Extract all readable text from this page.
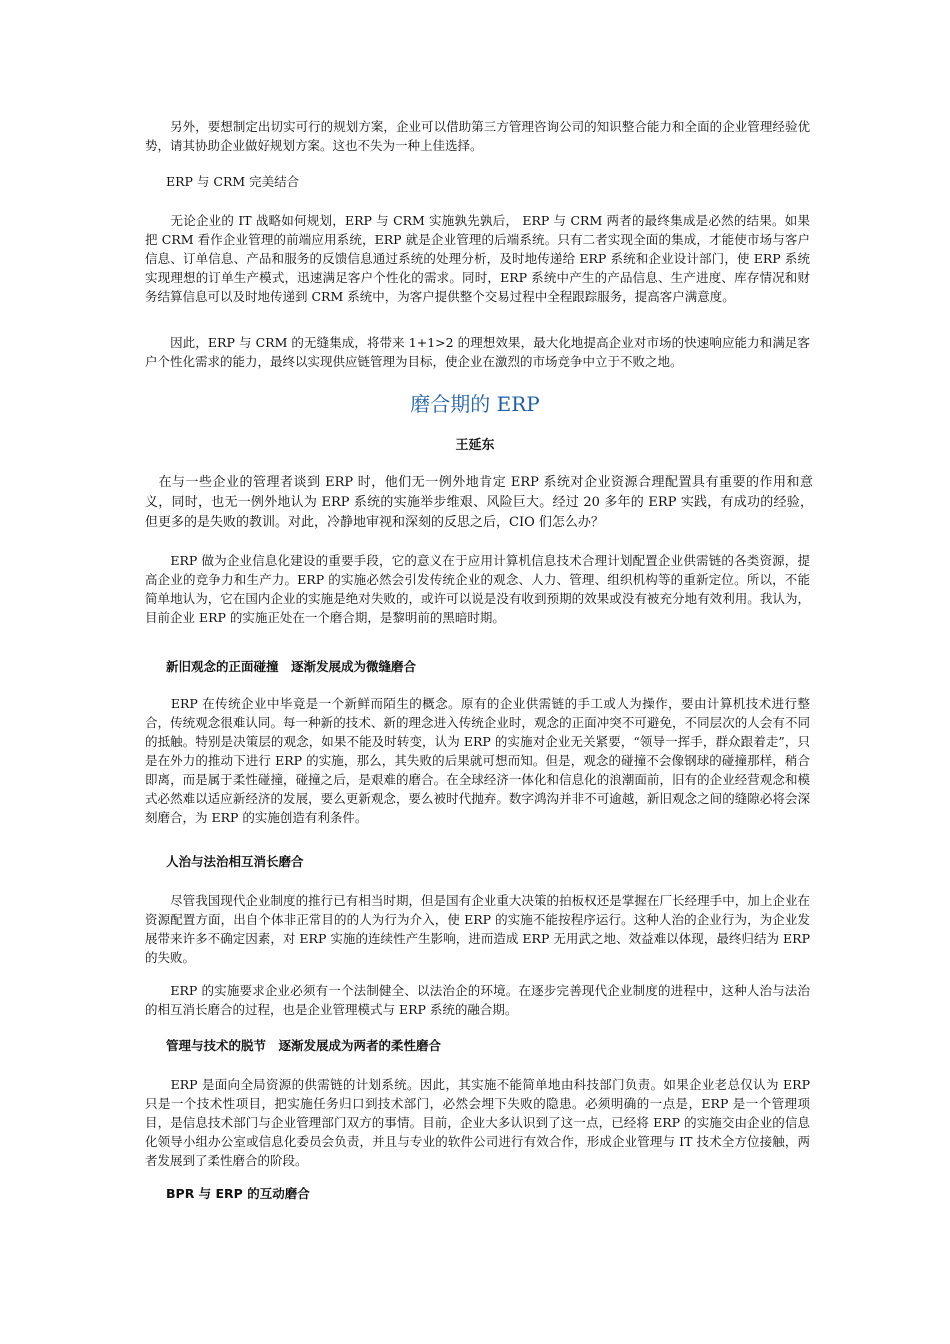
　　另外，要想制定出切实可行的规划方案，企业可以借助第三方管理咨询公司的知识整合能力和全面的企业管理经验优势，请其协助企业做好规划方案。这也不失为一种上佳选择。

ERP 与 CRM 完美结合

　　无论企业的 IT 战略如何规划，ERP 与 CRM 实施孰先孰后， ERP 与 CRM 两者的最终集成是必然的结果。如果把 CRM 看作企业管理的前端应用系统，ERP 就是企业管理的后端系统。只有二者实现全面的集成，才能使市场与客户信息、订单信息、产品和服务的反馈信息通过系统的处理分析，及时地传递给 ERP 系统和企业设计部门，使 ERP 系统实现理想的订单生产模式，迅速满足客户个性化的需求。同时，ERP 系统中产生的产品信息、生产进度、库存情况和财务结算信息可以及时地传递到 CRM 系统中，为客户提供整个交易过程中全程跟踪服务，提高客户满意度。

　　因此，ERP 与 CRM 的无缝集成，将带来 1+1>2 的理想效果，最大化地提高企业对市场的快速响应能力和满足客户个性化需求的能力，最终以实现供应链管理为目标，使企业在激烈的市场竞争中立于不败之地。

磨合期的 ERP
王延东

　在与一些企业的管理者谈到 ERP 时，他们无一例外地肯定 ERP 系统对企业资源合理配置具有重要的作用和意义，同时，也无一例外地认为 ERP 系统的实施举步维艰、风险巨大。经过 20 多年的 ERP 实践，有成功的经验，但更多的是失败的教训。对此，冷静地审视和深刻的反思之后，CIO 们怎么办？

　　ERP 做为企业信息化建设的重要手段，它的意义在于应用计算机信息技术合理计划配置企业供需链的各类资源，提高企业的竞争力和生产力。ERP 的实施必然会引发传统企业的观念、人力、管理、组织机构等的重新定位。所以，不能简单地认为，它在国内企业的实施是绝对失败的，或许可以说是没有收到预期的效果或没有被充分地有效利用。我认为，目前企业 ERP 的实施正处在一个磨合期，是黎明前的黑暗时期。

新旧观念的正面碰撞　逐渐发展成为微缝磨合

　　ERP 在传统企业中毕竟是一个新鲜而陌生的概念。原有的企业供需链的手工或人为操作，要由计算机技术进行整合，传统观念很难认同。每一种新的技术、新的理念进入传统企业时，观念的正面冲突不可避免，不同层次的人会有不同的抵触。特别是决策层的观念，如果不能及时转变，认为 ERP 的实施对企业无关紧要，“领导一挥手，群众跟着走”，只是在外力的推动下进行 ERP 的实施，那么，其失败的后果就可想而知。但是，观念的碰撞不会像钢球的碰撞那样，稍合即离，而是属于柔性碰撞，碰撞之后，是艰难的磨合。在全球经济一体化和信息化的浪潮面前，旧有的企业经营观念和模式必然难以适应新经济的发展，要么更新观念，要么被时代抛弃。数字鸿沟并非不可逾越，新旧观念之间的缝隙必将会深刻磨合，为 ERP 的实施创造有利条件。

人治与法治相互消长磨合

　　尽管我国现代企业制度的推行已有相当时期，但是国有企业重大决策的拍板权还是掌握在厂长经理手中，加上企业在资源配置方面，出自个体非正常目的的人为行为介入，使 ERP 的实施不能按程序运行。这种人治的企业行为，为企业发展带来许多不确定因素，对 ERP 实施的连续性产生影响，进而造成 ERP 无用武之地、效益难以体现，最终归结为 ERP 的失败。

　　ERP 的实施要求企业必须有一个法制健全、以法治企的环境。在逐步完善现代企业制度的进程中，这种人治与法治的相互消长磨合的过程，也是企业管理模式与 ERP 系统的融合期。

管理与技术的脱节　逐渐发展成为两者的柔性磨合

　　ERP 是面向全局资源的供需链的计划系统。因此，其实施不能简单地由科技部门负责。如果企业老总仅认为 ERP 只是一个技术性项目，把实施任务归口到技术部门，必然会埋下失败的隐患。必须明确的一点是，ERP 是一个管理项目，是信息技术部门与企业管理部门双方的事情。目前，企业大多认识到了这一点，已经将 ERP 的实施交由企业的信息化领导小组办公室或信息化委员会负责，并且与专业的软件公司进行有效合作，形成企业管理与 IT 技术全方位接触，两者发展到了柔性磨合的阶段。

BPR 与 ERP 的互动磨合
